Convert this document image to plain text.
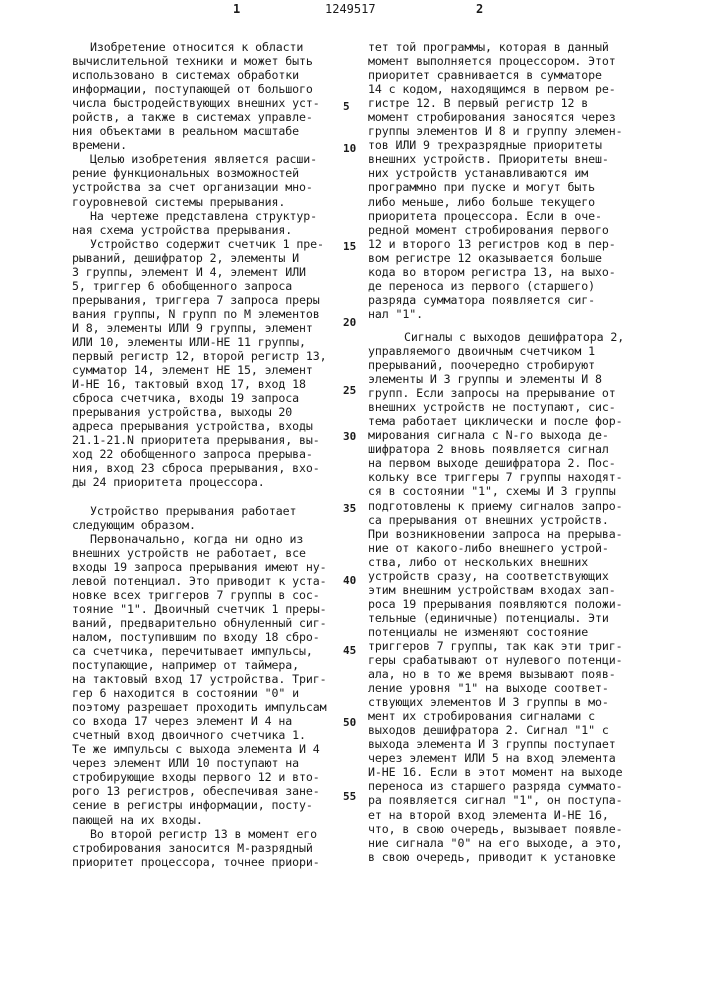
1	1249517	2
5
10
15
20
25
30
35
40
45
50
55
Изобретение относится к области
вычислительной техники и может быть
использовано в системах обработки
информации, поступающей от большого
числа быстродействующих внешних уст-
ройств, а также в системах управле-
ния объектами в реальном масштабе
времени.
Целью изобретения является расши-
рение функциональных возможностей
устройства за счет организации мно-
гоуровневой системы прерывания.
На чертеже представлена структур-
ная схема устройства прерывания.
Устройство содержит счетчик 1 пре-
рываний, дешифратор 2, элементы И
3 группы, элемент И 4, элемент ИЛИ
5, триггер 6 обобщенного запроса
прерывания, триггера 7 запроса преры
вания группы, N групп по M элементов
И 8, элементы ИЛИ 9 группы, элемент
ИЛИ 10, элементы ИЛИ-НЕ 11 группы,
первый регистр 12, второй регистр 13,
сумматор 14, элемент НЕ 15, элемент
И-НЕ 16, тактовый вход 17, вход 18
сброса счетчика, входы 19 запроса
прерывания устройства, выходы 20
адреса прерывания устройства, входы
21.1-21.N приоритета прерывания, вы-
ход 22 обобщенного запроса прерыва-
ния, вход 23 сброса прерывания, вхо-
ды 24 приоритета процессора.
Устройство прерывания работает
следующим образом.
Первоначально, когда ни одно из
внешних устройств не работает, все
входы 19 запроса прерывания имеют ну-
левой потенциал. Это приводит к уста-
новке всех триггеров 7 группы в сос-
тояние "1". Двоичный счетчик 1 преры-
ваний, предварительно обнуленный сиг-
налом, поступившим по входу 18 сбро-
са счетчика, перечитывает импульсы,
поступающие, например от таймера,
на тактовый вход 17 устройства. Триг-
гер 6 находится в состоянии "0" и
поэтому разрешает проходить импульсам
со входа 17 через элемент И 4 на
счетный вход двоичного счетчика 1.
Те же импульсы с выхода элемента И 4
через элемент ИЛИ 10 поступают на
стробирующие входы первого 12 и вто-
рого 13 регистров, обеспечивая зане-
сение в регистры информации, посту-
пающей на их входы.
Во второй регистр 13 в момент его
стробирования заносится M-разрядный
приоритет процессора, точнее приори-
тет той программы, которая в данный
момент выполняется процессором. Этот
приоритет сравнивается в сумматоре
14 с кодом, находящимся в первом ре-
гистре 12. В первый регистр 12 в
момент стробирования заносятся через
группы элементов И 8 и группу элемен-
тов ИЛИ 9 трехразрядные приоритеты
внешних устройств. Приоритеты внеш-
них устройств устанавливаются им
программно при пуске и могут быть
либо меньше, либо больше текущего
приоритета процессора. Если в оче-
редной момент стробирования первого
12 и второго 13 регистров код в пер-
вом регистре 12 оказывается больше
кода во втором регистра 13, на выхо-
де переноса из первого (старшего)
разряда сумматора появляется сиг-
нал "1".
Сигналы с выходов дешифратора 2,
управляемого двоичным счетчиком 1
прерываний, поочередно стробируют
элементы И 3 группы и элементы И 8
групп. Если запросы на прерывание от
внешних устройств не поступают, сис-
тема работает циклически и после фор-
мирования сигнала с N-го выхода де-
шифратора 2 вновь появляется сигнал
на первом выходе дешифратора 2. Пос-
кольку все триггеры 7 группы находят-
ся в состоянии "1", схемы И 3 группы
подготовлены к приему сигналов запро-
са прерывания от внешних устройств.
При возникновении запроса на прерыва-
ние от какого-либо внешнего устрой-
ства, либо от нескольких внешних
устройств сразу, на соответствующих
этим внешним устройствам входах зап-
роса 19 прерывания появляются положи-
тельные (единичные) потенциалы. Эти
потенциалы не изменяют состояние
триггеров 7 группы, так как эти триг-
геры срабатывают от нулевого потенци-
ала, но в то же время вызывают появ-
ление уровня "1" на выходе соответ-
ствующих элементов И 3 группы в мо-
мент их стробирования сигналами с
выходов дешифратора 2. Сигнал "1" с
выхода элемента И 3 группы поступает
через элемент ИЛИ 5 на вход элемента
И-НЕ 16. Если в этот момент на выходе
переноса из старшего разряда суммато-
ра появляется сигнал "1", он поступа-
ет на второй вход элемента И-НЕ 16,
что, в свою очередь, вызывает появле-
ние сигнала "0" на его выходе, а это,
в свою очередь, приводит к установке
